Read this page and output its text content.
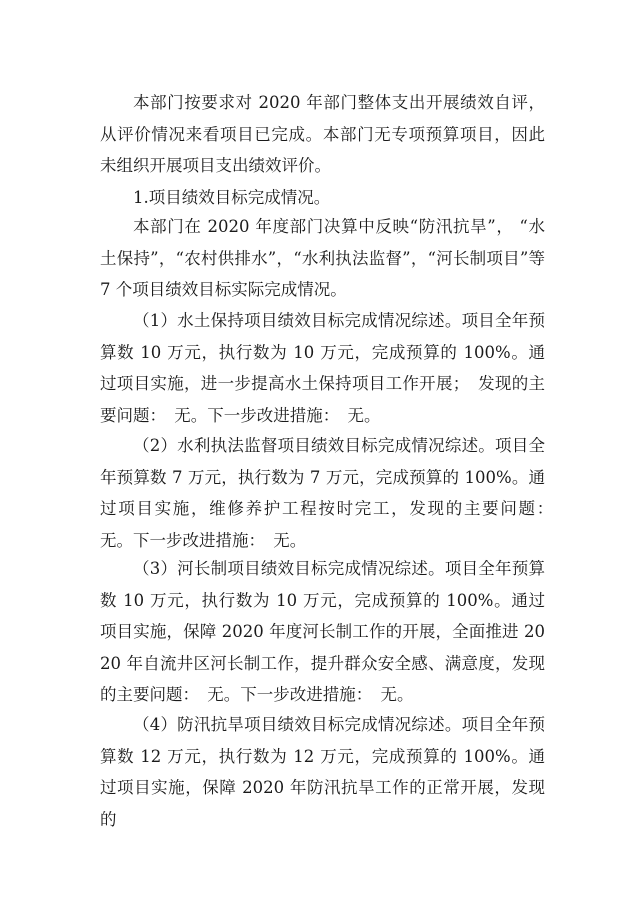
本部门按要求对 2020 年部门整体支出开展绩效自评，从评价情况来看项目已完成。本部门无专项预算项目，因此未组织开展项目支出绩效评价。

1.项目绩效目标完成情况。

本部门在 2020 年度部门决算中反映“防汛抗旱”， “水土保持”，“农村供排水”，“水利执法监督”，“河长制项目”等 7 个项目绩效目标实际完成情况。

（1）水土保持项目绩效目标完成情况综述。项目全年预算数 10 万元，执行数为 10 万元，完成预算的 100%。通过项目实施，进一步提高水土保持项目工作开展；　发现的主要问题：　无。下一步改进措施：　无。

（2）水利执法监督项目绩效目标完成情况综述。项目全年预算数 7 万元，执行数为 7 万元，完成预算的 100%。通过项目实施，维修养护工程按时完工，发现的主要问题：　无。下一步改进措施：　无。

（3）河长制项目绩效目标完成情况综述。项目全年预算数 10 万元，执行数为 10 万元，完成预算的 100%。通过项目实施，保障 2020 年度河长制工作的开展，全面推进 2020 年自流井区河长制工作，提升群众安全感、满意度，发现的主要问题：　无。下一步改进措施：　无。

（4）防汛抗旱项目绩效目标完成情况综述。项目全年预算数 12 万元，执行数为 12 万元，完成预算的 100%。通过项目实施，保障 2020 年防汛抗旱工作的正常开展，发现的
